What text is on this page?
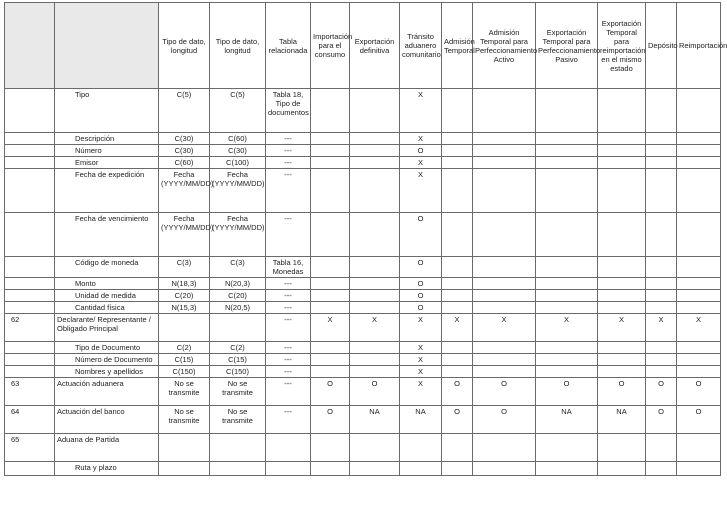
		Tipo de dato, longitud	Tipo de dato, longitud	Tabla relacionada	Importación para el consumo	Exportación definitiva	Tránsito aduanero comunitario	Admisión Temporal	Admisión Temporal para Perfeccionamiento Activo	Exportación Temporal para Perfeccionamiento Pasivo	Exportación Temporal para reimportación en el mismo estado	Depósito	Reimportación
	Tipo	C(5)	C(5)	Tabla 18, Tipo de documentos			X						
	Descripción	C(30)	C(60)	---			X						
	Número	C(30)	C(30)	---			O						
	Emisor	C(60)	C(100)	---			X						
	Fecha de expedición	Fecha (YYYY/MM/DD)	Fecha (YYYY/MM/DD)	---			X						
	Fecha de vencimiento	Fecha (YYYY/MM/DD)	Fecha (YYYY/MM/DD)	---			O						
	Código de moneda	C(3)	C(3)	Tabla 16, Monedas			O						
	Monto	N(18,3)	N(20,3)	---			O						
	Unidad de medida	C(20)	C(20)	---			O						
	Cantidad física	N(15,3)	N(20,5)	---			O						
62	Declarante/ Representante / Obligado Principal			---	X	X	X	X	X	X	X	X	X
	Tipo de Documento	C(2)	C(2)	---			X						
	Número de Documento	C(15)	C(15)	---			X						
	Nombres y apellidos	C(150)	C(150)	---			X						
63	Actuación aduanera	No se transmite	No se transmite	---	O	O	X	O	O	O	O	O	O
64	Actuación del banco	No se transmite	No se transmite	---	O	NA	NA	O	O	NA	NA	O	O
65	Aduana de Partida												
	Ruta y plazo												
